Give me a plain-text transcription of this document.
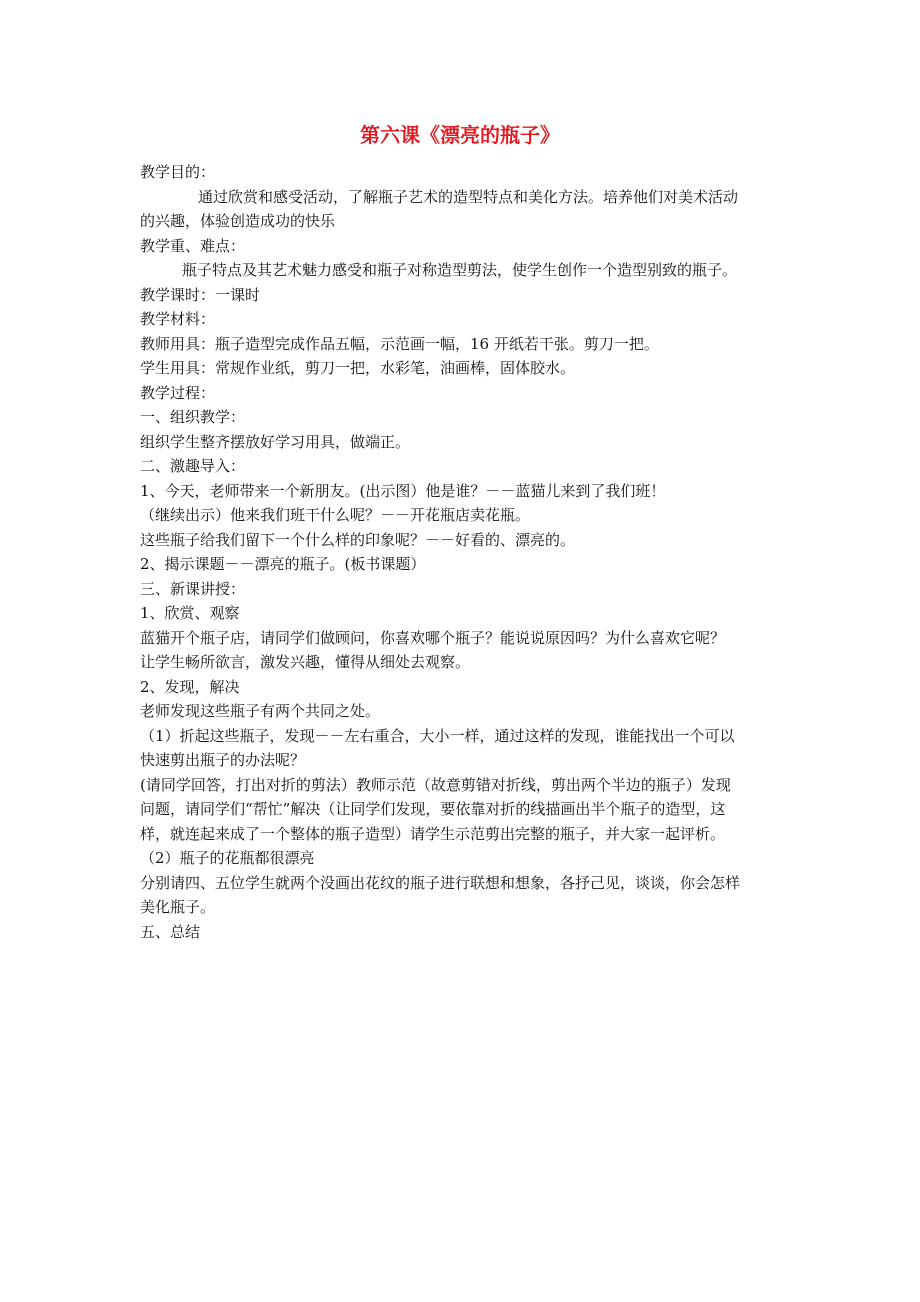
第六课《漂亮的瓶子》

教学目的：

通过欣赏和感受活动，了解瓶子艺术的造型特点和美化方法。培养他们对美术活动

的兴趣，体验创造成功的快乐

教学重、难点：

瓶子特点及其艺术魅力感受和瓶子对称造型剪法，使学生创作一个造型别致的瓶子。

教学课时：一课时

教学材料：

教师用具：瓶子造型完成作品五幅，示范画一幅，16 开纸若干张。剪刀一把。

学生用具：常规作业纸，剪刀一把，水彩笔，油画棒，固体胶水。

教学过程：

一、组织教学：

组织学生整齐摆放好学习用具，做端正。

二、激趣导入：

1、今天，老师带来一个新朋友。(出示图）他是谁？－－蓝猫儿来到了我们班！

（继续出示）他来我们班干什么呢？－－开花瓶店卖花瓶。

这些瓶子给我们留下一个什么样的印象呢？－－好看的、漂亮的。

2、揭示课题－－漂亮的瓶子。(板书课题）

三、新课讲授：

1、欣赏、观察

蓝猫开个瓶子店，请同学们做顾问，你喜欢哪个瓶子？能说说原因吗？为什么喜欢它呢？

让学生畅所欲言，激发兴趣，懂得从细处去观察。

2、发现，解决

老师发现这些瓶子有两个共同之处。

（1）折起这些瓶子，发现－－左右重合，大小一样，通过这样的发现，谁能找出一个可以

快速剪出瓶子的办法呢？

(请同学回答，打出对折的剪法）教师示范（故意剪错对折线，剪出两个半边的瓶子）发现

问题，请同学们“帮忙”解决（让同学们发现，要依靠对折的线描画出半个瓶子的造型，这

样，就连起来成了一个整体的瓶子造型）请学生示范剪出完整的瓶子，并大家一起评析。

（2）瓶子的花瓶都很漂亮

分别请四、五位学生就两个没画出花纹的瓶子进行联想和想象，各抒己见，谈谈，你会怎样

美化瓶子。

五、总结
